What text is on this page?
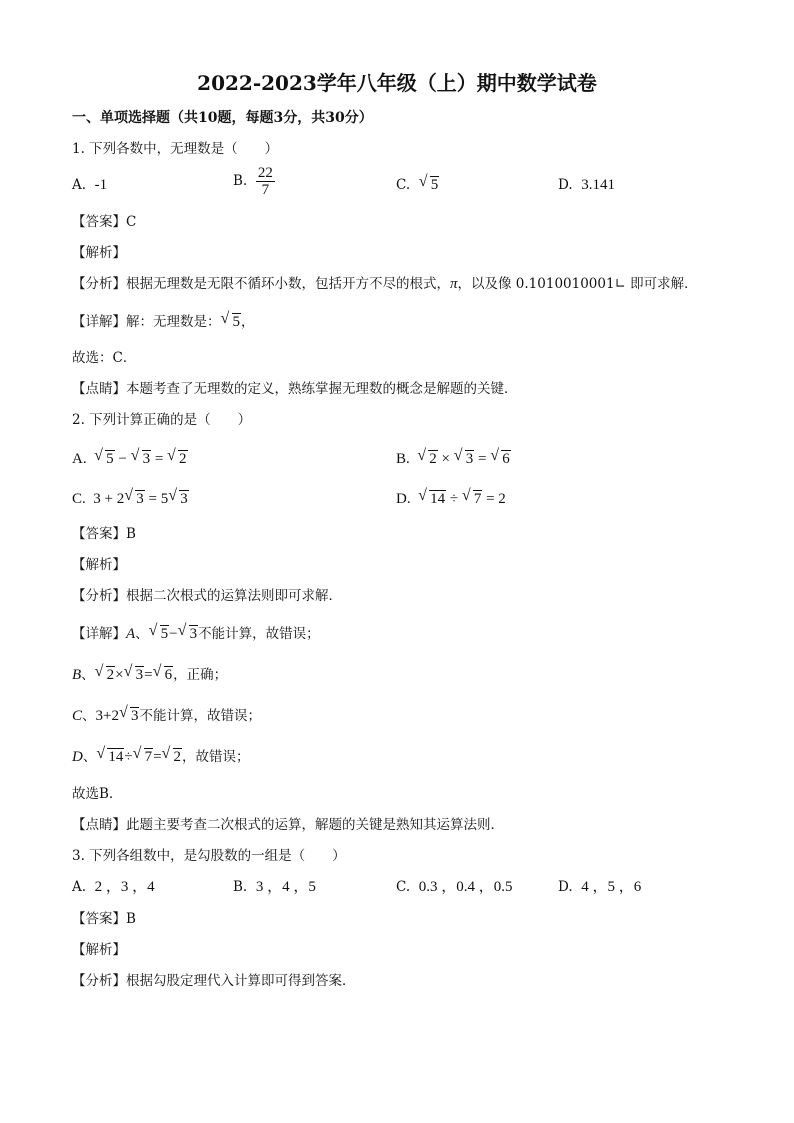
2022-2023学年八年级（上）期中数学试卷
一、单项选择题（共10题，每题3分，共30分）
1. 下列各数中，无理数是（　　）
A. -1	B. $\frac{22}{7}$	C. √ 5	D. 3.141
【答案】C
【解析】
【分析】根据无理数是无限不循环小数，包括开方不尽的根式，π，以及像 0.1010010001∟ 即可求解．
【详解】解：无理数是： √ 5，
故选：C．
【点睛】本题考查了无理数的定义，熟练掌握无理数的概念是解题的关键．
2. 下列计算正确的是（　　）
A. √ 5 − √ 3 = √ 2	B. √ 2 × √ 3 = √ 6
C. 3 + 2 √ 3 = 5 √ 3	D. √ 14 ÷ √ 7 = 2
【答案】B
【解析】
【分析】根据二次根式的运算法则即可求解．
【详解】A、 √ 5− √ 3不能计算，故错误；
B、 √ 2× √ 3= √ 6，正确；
C、3+2 √ 3不能计算，故错误；
D、 √ 14÷ √ 7= √ 2，故错误；
故选B．
【点睛】此题主要考查二次根式的运算，解题的关键是熟知其运算法则．
3. 下列各组数中，是勾股数的一组是（　　）
A. 2 ，3 ，4	B. 3 ，4 ，5	C. 0.3 ，0.4 ，0.5	D. 4 ，5 ，6
【答案】B
【解析】
【分析】根据勾股定理代入计算即可得到答案．
